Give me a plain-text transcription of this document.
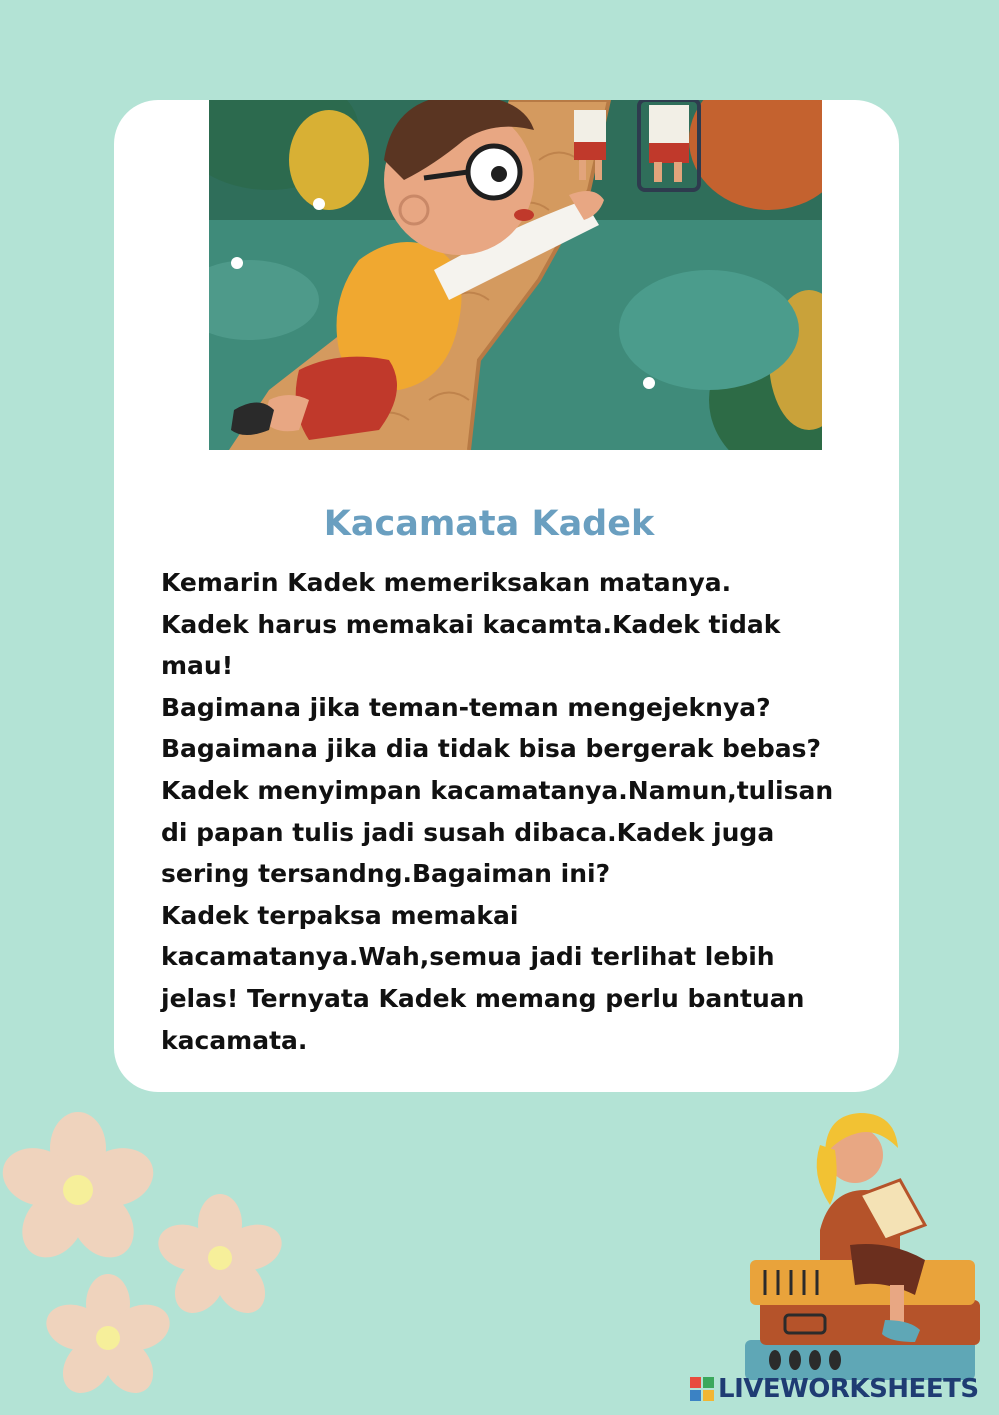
Kacamata Kadek
Kemarin Kadek memeriksakan matanya.
Kadek harus memakai kacamta.Kadek tidak
mau!
Bagimana jika teman-teman mengejeknya?
Bagaimana jika dia tidak bisa bergerak bebas?
Kadek menyimpan kacamatanya.Namun,tulisan
di papan tulis jadi susah dibaca.Kadek juga
sering tersandng.Bagaiman ini?
Kadek terpaksa memakai
kacamatanya.Wah,semua jadi terlihat lebih
jelas! Ternyata Kadek memang perlu bantuan
kacamata.
LIVEWORKSHEETS
